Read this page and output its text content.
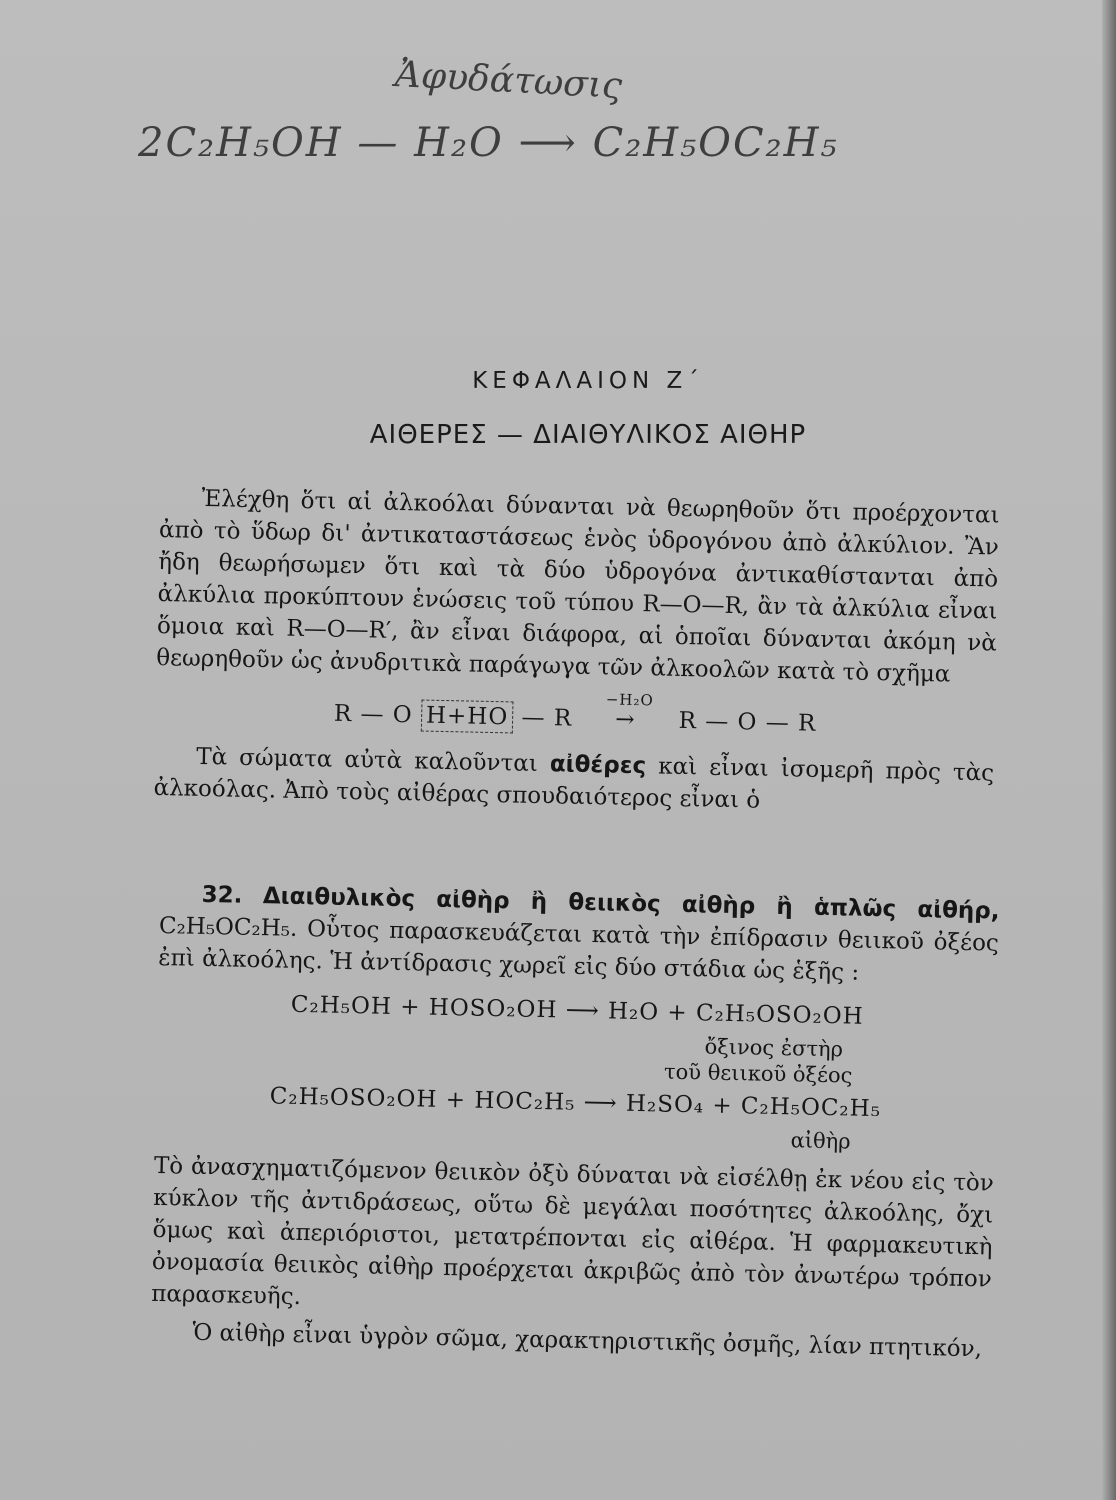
Ἀφυδάτωσις
2C₂H₅OH — H₂O ⟶ C₂H₅OC₂H₅
ΚΕΦΑΛΑΙΟΝ Ζ΄
ΑΙΘΕΡΕΣ — ΔΙΑΙΘΥΛΙΚΟΣ ΑΙΘΗΡ

Ἐλέχθη ὅτι αἱ ἀλκοόλαι δύνανται νὰ θεωρηθοῦν ὅτι προέρχονται ἀπὸ τὸ ὕδωρ δι' ἀντικαταστάσεως ἑνὸς ὑδρογόνου ἀπὸ ἀλκύλιον. Ἂν ἤδη θεωρήσωμεν ὅτι καὶ τὰ δύο ὑδρογόνα ἀντικαθίστανται ἀπὸ ἀλκύλια προκύπτουν ἑνώσεις τοῦ τύπου R—O—R, ἂν τὰ ἀλκύλια εἶναι ὅμοια καὶ R—O—R′, ἂν εἶναι διάφορα, αἱ ὁποῖαι δύνανται ἀκόμη νὰ θεωρηθοῦν ὡς ἀνυδριτικὰ παράγωγα τῶν ἀλκοολῶν κατὰ τὸ σχῆμα

R — O H+HO — R
−H₂O
→ R — O — R

Τὰ σώματα αὐτὰ καλοῦνται αἰθέρες καὶ εἶναι ἰσομερῆ πρὸς τὰς ἀλκοόλας. Ἀπὸ τοὺς αἰθέρας σπουδαιότερος εἶναι ὁ

32. Διαιθυλικὸς αἰθὴρ ἢ θειικὸς αἰθὴρ ἢ ἁπλῶς αἰθήρ, C₂H₅OC₂H₅. Οὗτος παρασκευάζεται κατὰ τὴν ἐπίδρασιν θειικοῦ ὀξέος ἐπὶ ἀλκοόλης. Ἡ ἀντίδρασις χωρεῖ εἰς δύο στάδια ὡς ἑξῆς :

C₂H₅OH + HOSO₂OH ⟶ H₂O + C₂H₅OSO₂OH
ὄξινος ἐστὴρ
τοῦ θειικοῦ ὀξέος
C₂H₅OSO₂OH + HOC₂H₅ ⟶ H₂SO₄ + C₂H₅OC₂H₅
αἰθὴρ

Τὸ ἀνασχηματιζόμενον θειικὸν ὀξὺ δύναται νὰ εἰσέλθῃ ἐκ νέου εἰς τὸν κύκλον τῆς ἀντιδράσεως, οὕτω δὲ μεγάλαι ποσότητες ἀλκοόλης, ὄχι ὅμως καὶ ἀπεριόριστοι, μετατρέπονται εἰς αἰθέρα. Ἡ φαρμακευτικὴ ὀνομασία θειικὸς αἰθὴρ προέρχεται ἀκριβῶς ἀπὸ τὸν ἀνωτέρω τρόπον παρασκευῆς.

Ὁ αἰθὴρ εἶναι ὑγρὸν σῶμα, χαρακτηριστικῆς ὀσμῆς, λίαν πτητικόν,
